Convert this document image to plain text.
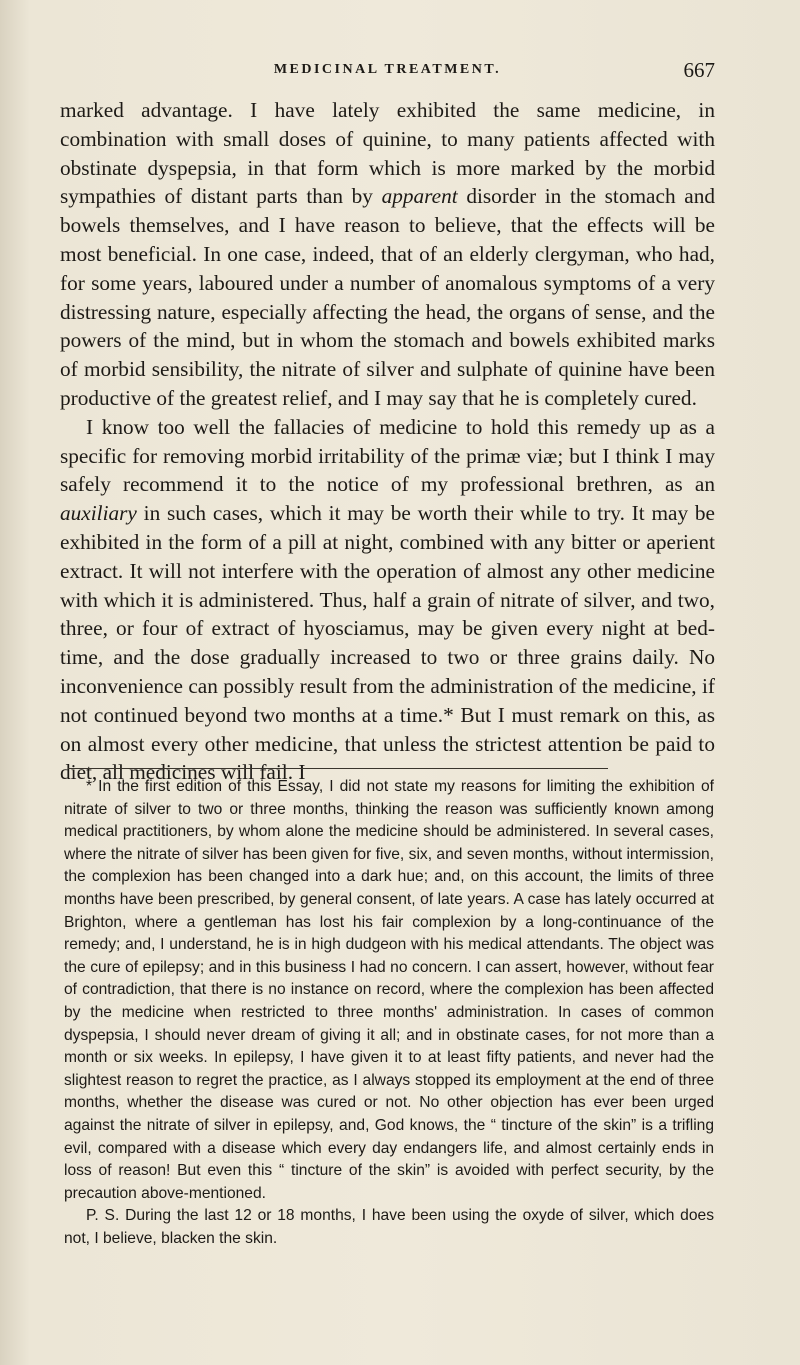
MEDICINAL TREATMENT.	667

marked advantage. I have lately exhibited the same medicine, in combination with small doses of quinine, to many patients affected with obstinate dyspepsia, in that form which is more marked by the morbid sympathies of distant parts than by apparent disorder in the stomach and bowels themselves, and I have reason to believe, that the effects will be most beneficial. In one case, indeed, that of an elderly clergyman, who had, for some years, laboured under a number of anomalous symptoms of a very distressing nature, especially affecting the head, the organs of sense, and the powers of the mind, but in whom the stomach and bowels exhibited marks of morbid sensibility, the nitrate of silver and sulphate of quinine have been productive of the greatest relief, and I may say that he is completely cured.

I know too well the fallacies of medicine to hold this remedy up as a specific for removing morbid irritability of the primæ viæ; but I think I may safely recommend it to the notice of my professional brethren, as an auxiliary in such cases, which it may be worth their while to try. It may be exhibited in the form of a pill at night, combined with any bitter or aperient extract. It will not interfere with the operation of almost any other medicine with which it is administered. Thus, half a grain of nitrate of silver, and two, three, or four of extract of hyosciamus, may be given every night at bed-time, and the dose gradually increased to two or three grains daily. No inconvenience can possibly result from the administration of the medicine, if not continued beyond two months at a time.* But I must remark on this, as on almost every other medicine, that unless the strictest attention be paid to diet, all medicines will fail. I

* In the first edition of this Essay, I did not state my reasons for limiting the exhibition of nitrate of silver to two or three months, thinking the reason was sufficiently known among medical practitioners, by whom alone the medicine should be administered. In several cases, where the nitrate of silver has been given for five, six, and seven months, without intermission, the complexion has been changed into a dark hue; and, on this account, the limits of three months have been prescribed, by general consent, of late years. A case has lately occurred at Brighton, where a gentleman has lost his fair complexion by a long-continuance of the remedy; and, I understand, he is in high dudgeon with his medical attendants. The object was the cure of epilepsy; and in this business I had no concern. I can assert, however, without fear of contradiction, that there is no instance on record, where the complexion has been affected by the medicine when restricted to three months' administration. In cases of common dyspepsia, I should never dream of giving it all; and in obstinate cases, for not more than a month or six weeks. In epilepsy, I have given it to at least fifty patients, and never had the slightest reason to regret the practice, as I always stopped its employment at the end of three months, whether the disease was cured or not. No other objection has ever been urged against the nitrate of silver in epilepsy, and, God knows, the “ tincture of the skin” is a trifling evil, compared with a disease which every day endangers life, and almost certainly ends in loss of reason! But even this “ tincture of the skin” is avoided with perfect security, by the precaution above-mentioned.

P. S. During the last 12 or 18 months, I have been using the oxyde of silver, which does not, I believe, blacken the skin.
